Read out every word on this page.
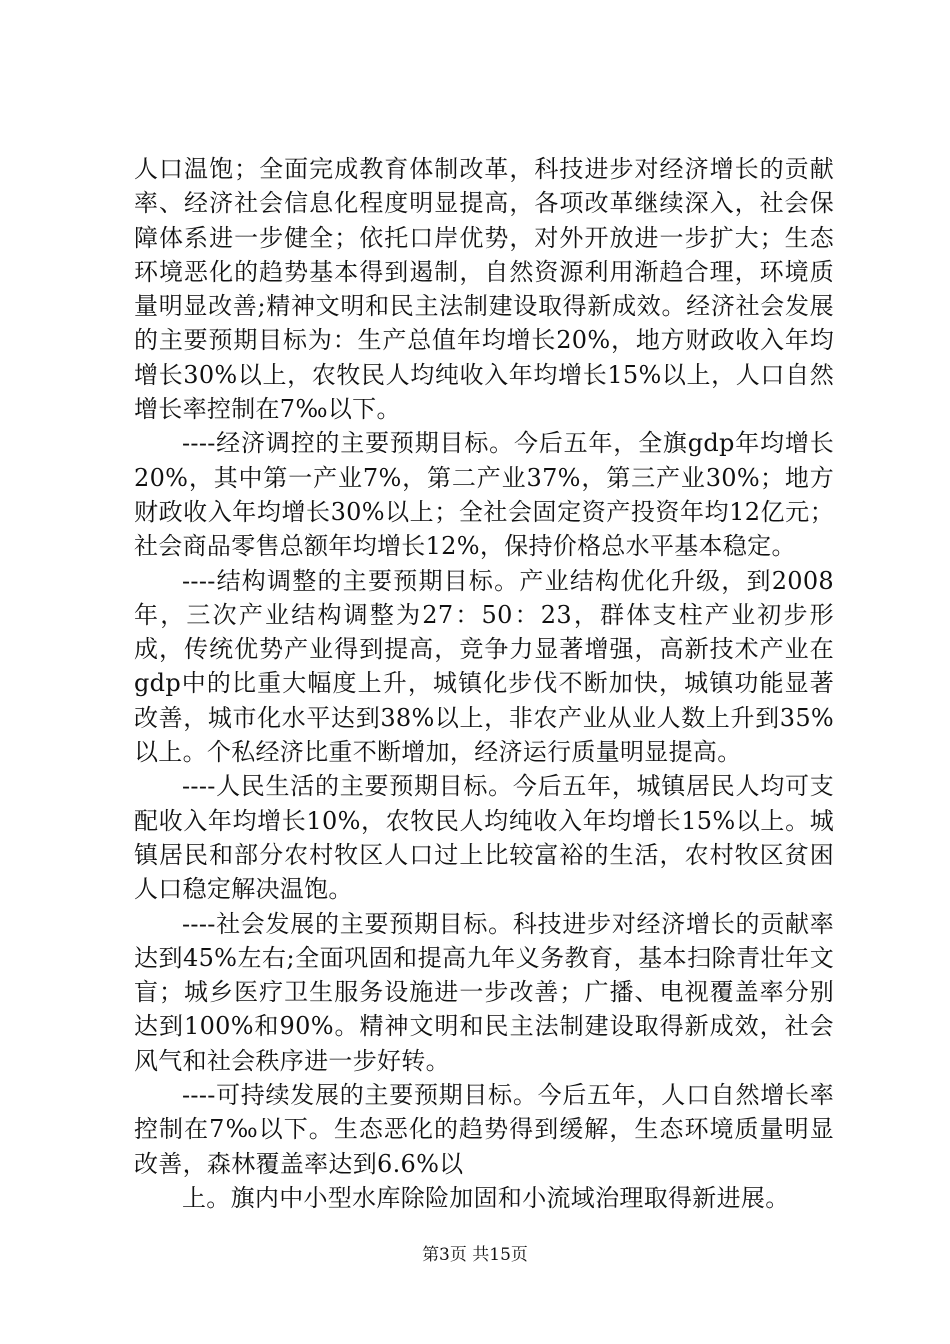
人口温饱；全面完成教育体制改革，科技进步对经济增长的贡献率、经济社会信息化程度明显提高，各项改革继续深入，社会保障体系进一步健全；依托口岸优势，对外开放进一步扩大；生态环境恶化的趋势基本得到遏制，自然资源利用渐趋合理，环境质量明显改善;精神文明和民主法制建设取得新成效。经济社会发展的主要预期目标为：生产总值年均增长20%，地方财政收入年均增长30%以上，农牧民人均纯收入年均增长15%以上，人口自然增长率控制在7‰以下。

----经济调控的主要预期目标。今后五年，全旗gdp年均增长20%，其中第一产业7%，第二产业37%，第三产业30%；地方财政收入年均增长30%以上；全社会固定资产投资年均12亿元；社会商品零售总额年均增长12%，保持价格总水平基本稳定。

----结构调整的主要预期目标。产业结构优化升级，到2008年，三次产业结构调整为27：50：23，群体支柱产业初步形成，传统优势产业得到提高，竞争力显著增强，高新技术产业在gdp中的比重大幅度上升，城镇化步伐不断加快，城镇功能显著改善，城市化水平达到38%以上，非农产业从业人数上升到35%以上。个私经济比重不断增加，经济运行质量明显提高。

----人民生活的主要预期目标。今后五年，城镇居民人均可支配收入年均增长10%，农牧民人均纯收入年均增长15%以上。城镇居民和部分农村牧区人口过上比较富裕的生活，农村牧区贫困人口稳定解决温饱。

----社会发展的主要预期目标。科技进步对经济增长的贡献率达到45%左右;全面巩固和提高九年义务教育，基本扫除青壮年文盲；城乡医疗卫生服务设施进一步改善；广播、电视覆盖率分别达到100%和90%。精神文明和民主法制建设取得新成效，社会风气和社会秩序进一步好转。

----可持续发展的主要预期目标。今后五年，人口自然增长率控制在7‰以下。生态恶化的趋势得到缓解，生态环境质量明显改善，森林覆盖率达到6.6%以

上。旗内中小型水库除险加固和小流域治理取得新进展。

第3页 共15页
